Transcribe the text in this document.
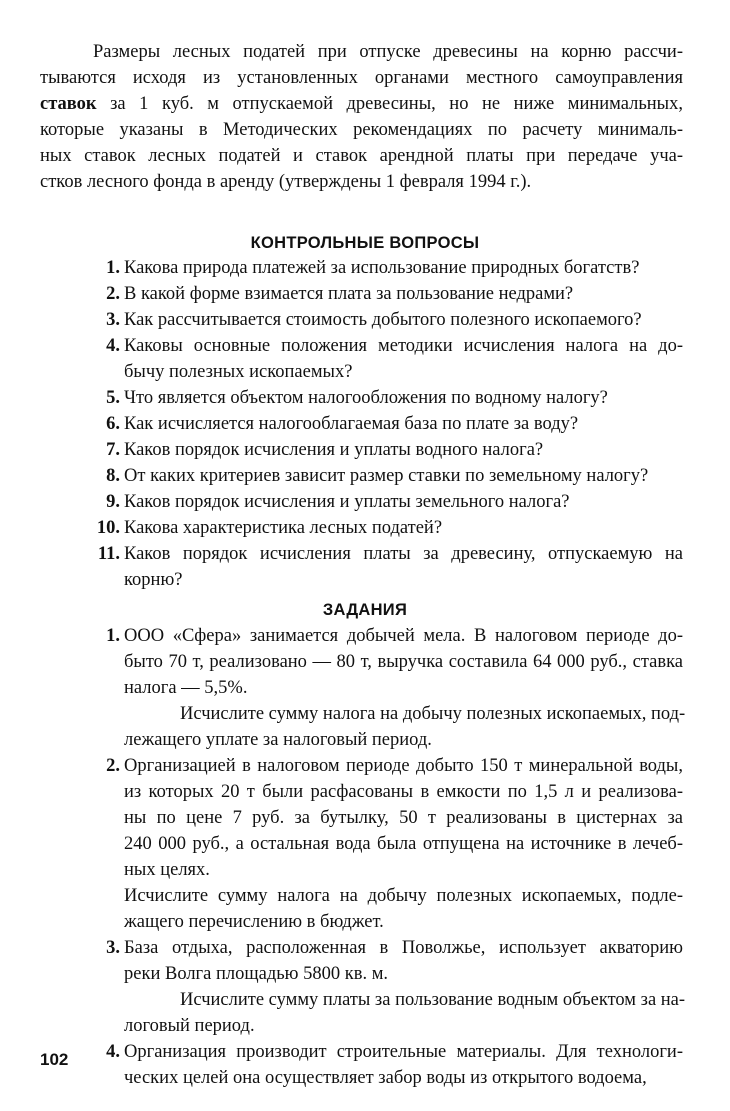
Размеры лесных податей при отпуске древесины на корню рассчи-
тываются исходя из установленных органами местного самоуправления
ставок за 1 куб. м отпускаемой древесины, но не ниже минимальных,
которые указаны в Методических рекомендациях по расчету минималь-
ных ставок лесных податей и ставок арендной платы при передаче уча-
стков лесного фонда в аренду (утверждены 1 февраля 1994 г.).
КОНТРОЛЬНЫЕ ВОПРОСЫ
1. Какова природа платежей за использование природных богатств?
2. В какой форме взимается плата за пользование недрами?
3. Как рассчитывается стоимость добытого полезного ископаемого?
4. Каковы основные положения методики исчисления налога на до-
бычу полезных ископаемых?
5. Что является объектом налогообложения по водному налогу?
6. Как исчисляется налогооблагаемая база по плате за воду?
7. Каков порядок исчисления и уплаты водного налога?
8. От каких критериев зависит размер ставки по земельному налогу?
9. Каков порядок исчисления и уплаты земельного налога?
10. Какова характеристика лесных податей?
11. Каков порядок исчисления платы за древесину, отпускаемую на
корню?
ЗАДАНИЯ
1. ООО «Сфера» занимается добычей мела. В налоговом периоде до-
быто 70 т, реализовано — 80 т, выручка составила 64 000 руб., ставка
налога — 5,5%.
Исчислите сумму налога на добычу полезных ископаемых, под-
лежащего уплате за налоговый период.
2. Организацией в налоговом периоде добыто 150 т минеральной воды,
из которых 20 т были расфасованы в емкости по 1,5 л и реализова-
ны по цене 7 руб. за бутылку, 50 т реализованы в цистернах за
240 000 руб., а остальная вода была отпущена на источнике в лечеб-
ных целях.
Исчислите сумму налога на добычу полезных ископаемых, подле-
жащего перечислению в бюджет.
3. База отдыха, расположенная в Поволжье, использует акваторию
реки Волга площадью 5800 кв. м.
Исчислите сумму платы за пользование водным объектом за на-
логовый период.
4. Организация производит строительные материалы. Для технологи-
ческих целей она осуществляет забор воды из открытого водоема,
102
